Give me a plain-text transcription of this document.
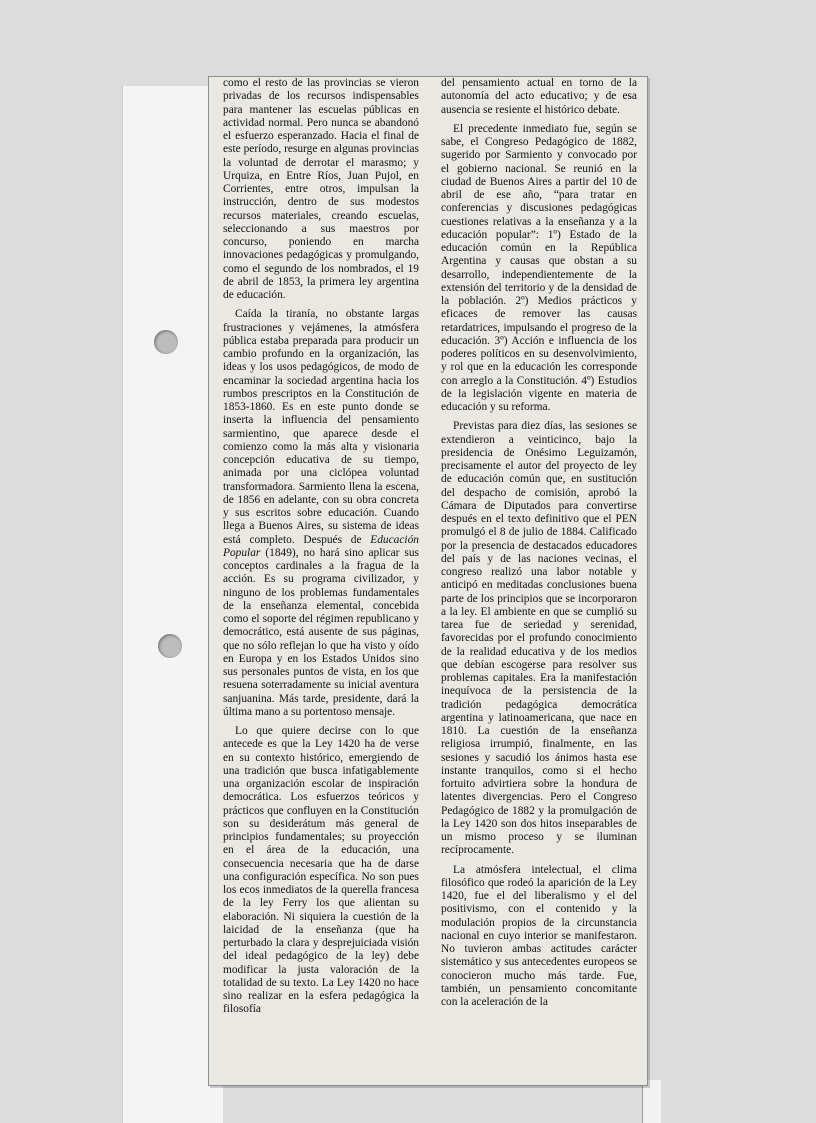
como el resto de las provincias se vieron privadas de los recursos indispensables para mantener las escuelas públicas en actividad normal. Pero nunca se abandonó el esfuerzo esperanzado. Hacia el final de este período, resurge en algunas provincias la voluntad de derrotar el marasmo; y Urquiza, en Entre Ríos, Juan Pujol, en Corrientes, entre otros, impulsan la instrucción, dentro de sus modestos recursos materiales, creando escuelas, seleccionando a sus maestros por concurso, poniendo en marcha innovaciones pedagógicas y promulgando, como el segundo de los nombrados, el 19 de abril de 1853, la primera ley argentina de educación.

Caída la tiranía, no obstante largas frustraciones y vejámenes, la atmósfera pública estaba preparada para producir un cambio profundo en la organización, las ideas y los usos pedagógicos, de modo de encaminar la sociedad argentina hacia los rumbos prescriptos en la Constitución de 1853-1860. Es en este punto donde se inserta la influencia del pensamiento sarmientino, que aparece desde el comienzo como la más alta y visionaria concepción educativa de su tiempo, animada por una ciclópea voluntad transformadora. Sarmiento llena la escena, de 1856 en adelante, con su obra concreta y sus escritos sobre educación. Cuando llega a Buenos Aires, su sistema de ideas está completo. Después de Educación Popular (1849), no hará sino aplicar sus conceptos cardinales a la fragua de la acción. Es su programa civilizador, y ninguno de los problemas fundamentales de la enseñanza elemental, concebida como el soporte del régimen republicano y democrático, está ausente de sus páginas, que no sólo reflejan lo que ha visto y oído en Europa y en los Estados Unidos sino sus personales puntos de vista, en los que resuena soterradamente su inicial aventura sanjuanina. Más tarde, presidente, dará la última mano a su portentoso mensaje.

Lo que quiere decirse con lo que antecede es que la Ley 1420 ha de verse en su contexto histórico, emergiendo de una tradición que busca infatigablemente una organización escolar de inspiración democrática. Los esfuerzos teóricos y prácticos que confluyen en la Constitución son su desiderátum más general de principios fundamentales; su proyección en el área de la educación, una consecuencia necesaria que ha de darse una configuración específica. No son pues los ecos inmediatos de la querella francesa de la ley Ferry los que alientan su elaboración. Ni siquiera la cuestión de la laicidad de la enseñanza (que ha perturbado la clara y desprejuiciada visión del ideal pedagógico de la ley) debe modificar la justa valoración de la totalidad de su texto. La Ley 1420 no hace sino realizar en la esfera pedagógica la filosofía

del pensamiento actual en torno de la autonomía del acto educativo; y de esa ausencia se resiente el histórico debate.

El precedente inmediato fue, según se sabe, el Congreso Pedagógico de 1882, sugerido por Sarmiento y convocado por el gobierno nacional. Se reunió en la ciudad de Buenos Aires a partir del 10 de abril de ese año, “para tratar en conferencias y discusiones pedagógicas cuestiones relativas a la enseñanza y a la educación popular”: 1º) Estado de la educación común en la República Argentina y causas que obstan a su desarrollo, independientemente de la extensión del territorio y de la densidad de la población. 2º) Medios prácticos y eficaces de remover las causas retardatrices, impulsando el progreso de la educación. 3º) Acción e influencia de los poderes políticos en su desenvolvimiento, y rol que en la educación les corresponde con arreglo a la Constitución. 4º) Estudios de la legislación vigente en materia de educación y su reforma.

Previstas para diez días, las sesiones se extendieron a veinticinco, bajo la presidencia de Onésimo Leguizamón, precisamente el autor del proyecto de ley de educación común que, en sustitución del despacho de comisión, aprobó la Cámara de Diputados para convertirse después en el texto definitivo que el PEN promulgó el 8 de julio de 1884. Calificado por la presencia de destacados educadores del país y de las naciones vecinas, el congreso realizó una labor notable y anticipó en meditadas conclusiones buena parte de los principios que se incorporaron a la ley. El ambiente en que se cumplió su tarea fue de seriedad y serenidad, favorecidas por el profundo conocimiento de la realidad educativa y de los medios que debían escogerse para resolver sus problemas capitales. Era la manifestación inequívoca de la persistencia de la tradición pedagógica democrática argentina y latinoamericana, que nace en 1810. La cuestión de la enseñanza religiosa irrumpió, finalmente, en las sesiones y sacudió los ánimos hasta ese instante tranquilos, como si el hecho fortuito advirtiera sobre la hondura de latentes divergencias. Pero el Congreso Pedagógico de 1882 y la promulgación de la Ley 1420 son dos hitos inseparables de un mismo proceso y se iluminan recíprocamente.

La atmósfera intelectual, el clima filosófico que rodeó la aparición de la Ley 1420, fue el del liberalismo y el del positivismo, con el contenido y la modulación propios de la circunstancia nacional en cuyo interior se manifestaron. No tuvieron ambas actitudes carácter sistemático y sus antecedentes europeos se conocieron mucho más tarde. Fue, también, un pensamiento concomitante con la aceleración de la
